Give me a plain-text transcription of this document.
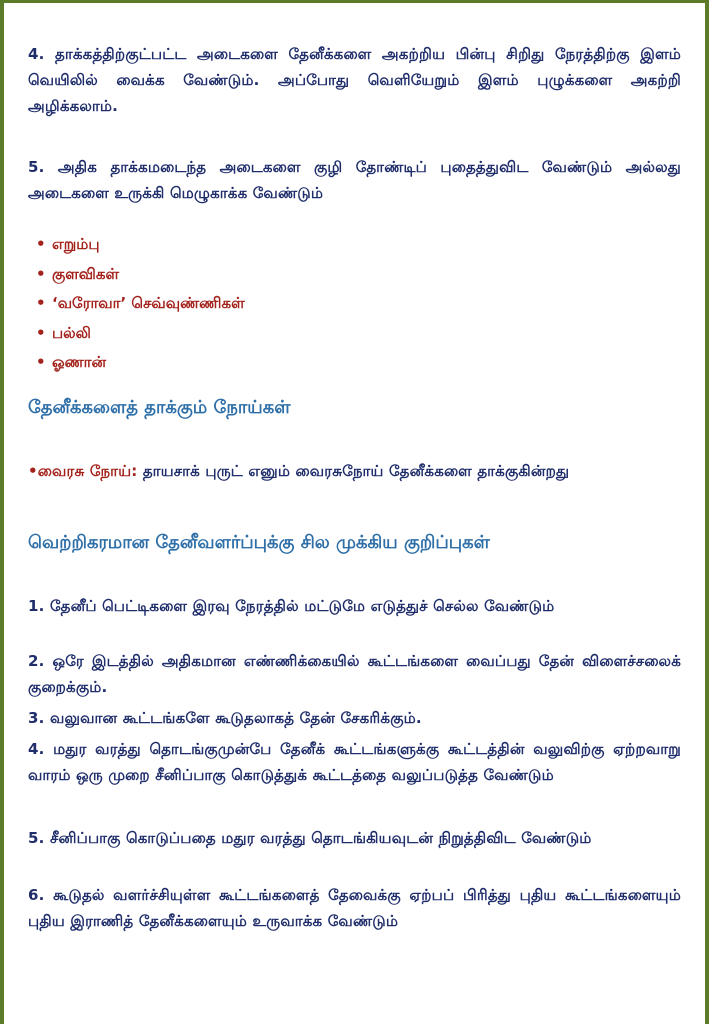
4. தாக்கத்திற்குட்பட்ட அடைகளை தேனீக்களை அகற்றிய பின்பு சிறிது நேரத்திற்கு இளம் வெயிலில் வைக்க வேண்டும். அப்போது வெளியேறும் இளம் புழுக்களை அகற்றி அழிக்கலாம்.

5. அதிக தாக்கமடைந்த அடைகளை குழி தோண்டிப் புதைத்துவிட வேண்டும் அல்லது அடைகளை உருக்கி மெழுகாக்க வேண்டும்

• எறும்பு
• குளவிகள்
• ‘வரோவா’ செவ்வுண்ணிகள்
• பல்லி
• ஓணான்
தேனீக்களைத் தாக்கும் நோய்கள்

•வைரசு நோய்: தாயசாக் புருட் எனும் வைரசுநோய் தேனீக்களை தாக்குகின்றது

வெற்றிகரமான தேனீவளர்ப்புக்கு சில முக்கிய குறிப்புகள்

1. தேனீப் பெட்டிகளை இரவு நேரத்தில் மட்டுமே எடுத்துச் செல்ல வேண்டும்

2. ஒரே இடத்தில் அதிகமான எண்ணிக்கையில் கூட்டங்களை வைப்பது தேன் விளைச்சலைக் குறைக்கும்.

3. வலுவான கூட்டங்களே கூடுதலாகத் தேன் சேகரிக்கும்.

4. மதுர வரத்து தொடங்குமுன்பே தேனீக் கூட்டங்களுக்கு கூட்டத்தின் வலுவிற்கு ஏற்றவாறு வாரம் ஒரு முறை சீனிப்பாகு கொடுத்துக் கூட்டத்தை வலுப்படுத்த வேண்டும்

5. சீனிப்பாகு கொடுப்பதை மதுர வரத்து தொடங்கியவுடன் நிறுத்திவிட வேண்டும்

6. கூடுதல் வளர்ச்சியுள்ள கூட்டங்களைத் தேவைக்கு ஏற்பப் பிரித்து புதிய கூட்டங்களையும் புதிய இராணித் தேனீக்களையும் உருவாக்க வேண்டும்
